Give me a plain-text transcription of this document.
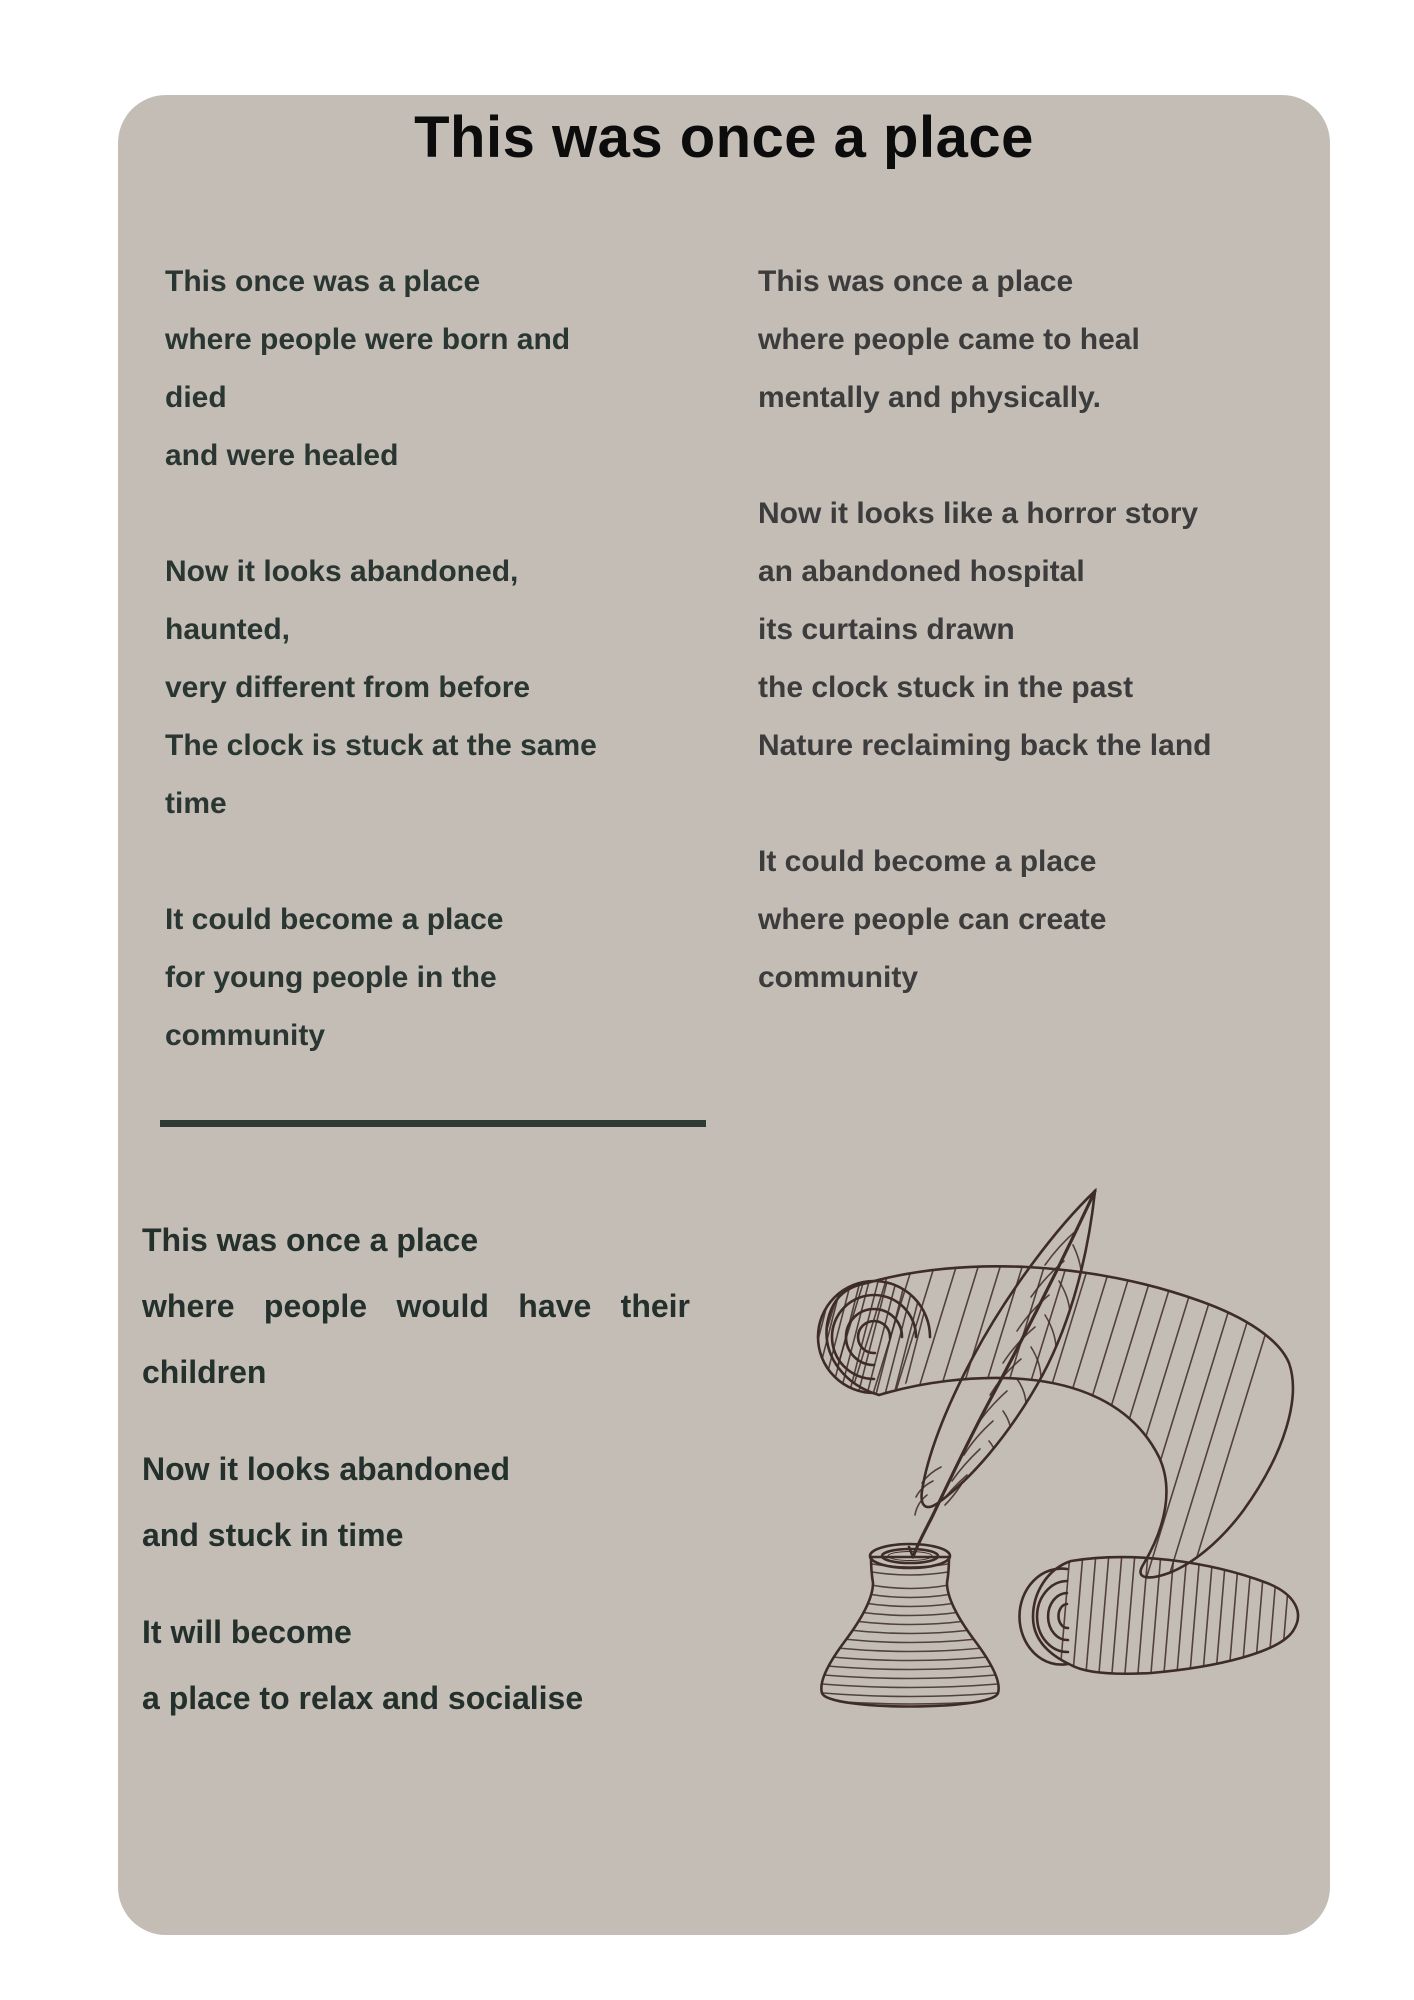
This was once a place
This once was a place
where people were born and
died
and were healed
Now it looks abandoned,
haunted,
very different from before
The clock is stuck at the same
time
It could become a place
for young people in the
community
This was once a place
where people came to heal
mentally and physically.
Now it looks like a horror story
an abandoned hospital
its curtains drawn
the clock stuck in the past
Nature reclaiming back the land
It could become a place
where people can create
community
This was once a place
where people would have their
children
Now it looks abandoned
and stuck in time
It will become
a place to relax and socialise
